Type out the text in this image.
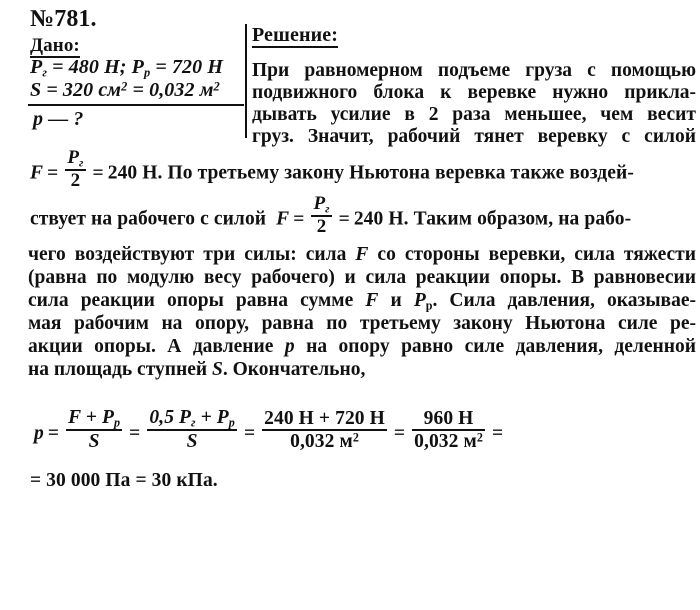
№781.
Дано:
$P_г = 480$ Н; $P_р = 720$ Н
S = 320 $см^2 = 0,032$ $м^2$
p — ?
Решение:
При равномерном подъеме груза с помощью
подвижного блока к веревке нужно прикла-
дывать усилие в 2 раза меньшее, чем весит
груз. Значит, рабочий тянет веревку с силой
$F = \frac{P_г}{2} = 240$ Н. По третьему закону Ньютона веревка также воздей-
ствует на рабочего с силой $F = \frac{P_г}{2} = 240$ Н. Таким образом, на рабо-
чего воздействуют три силы: сила F со стороны веревки, сила тяжести
(равна по модулю весу рабочего) и сила реакции опоры. В равновесии
сила реакции опоры равна сумме F и $P_р$. Сила давления, оказывае-
мая рабочим на опору, равна по третьему закону Ньютона силе ре-
акции опоры. А давление p на опору равно силе давления, деленной
на площадь ступней S. Окончательно,
$p = \frac{F + P_р}{S} = \frac{0,5 P_г + P_р}{S} = \frac{240 Н + 720 Н}{0,032 м^2} = \frac{960 Н}{0,032 м^2}$ =
= 30 000 Па = 30 кПа.
